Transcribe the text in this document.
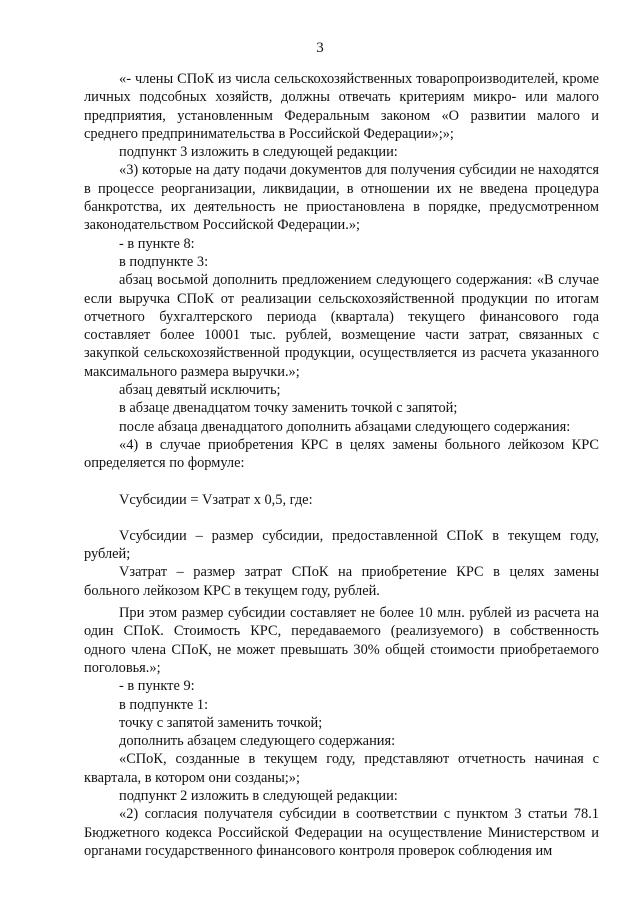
3

«- члены СПоК из числа сельскохозяйственных товаропроизводителей, кроме личных подсобных хозяйств, должны отвечать критериям микро- или малого предприятия, установленным Федеральным законом «О развитии малого и среднего предпринимательства в Российской Федерации»;»;

подпункт 3 изложить в следующей редакции:

«3) которые на дату подачи документов для получения субсидии не находятся в процессе реорганизации, ликвидации, в отношении их не введена процедура банкротства, их деятельность не приостановлена в порядке, предусмотренном законодательством Российской Федерации.»;

- в пункте 8:

в подпункте 3:

абзац восьмой дополнить предложением следующего содержания: «В случае если выручка СПоК от реализации сельскохозяйственной продукции по итогам отчетного бухгалтерского периода (квартала) текущего финансового года составляет более 10001 тыс. рублей, возмещение части затрат, связанных с закупкой сельскохозяйственной продукции, осуществляется из расчета указанного максимального размера выручки.»;

абзац девятый исключить;

в абзаце двенадцатом точку заменить точкой с запятой;

после абзаца двенадцатого дополнить абзацами следующего содержания:

«4) в случае приобретения КРС в целях замены больного лейкозом КРС определяется по формуле:

Vсубсидии = Vзатрат x 0,5, где:

Vсубсидии – размер субсидии, предоставленной СПоК в текущем году, рублей;

Vзатрат – размер затрат СПоК на приобретение КРС в целях замены больного лейкозом КРС в текущем году, рублей.

При этом размер субсидии составляет не более 10 млн. рублей из расчета на один СПоК. Стоимость КРС, передаваемого (реализуемого) в собственность одного члена СПоК, не может превышать 30% общей стоимости приобретаемого поголовья.»;

- в пункте 9:

в подпункте 1:

точку с запятой заменить точкой;

дополнить абзацем следующего содержания:

«СПоК, созданные в текущем году, представляют отчетность начиная с квартала, в котором они созданы;»;

подпункт 2 изложить в следующей редакции:

«2) согласия получателя субсидии в соответствии с пунктом 3 статьи 78.1 Бюджетного кодекса Российской Федерации на осуществление Министерством и органами государственного финансового контроля проверок соблюдения им
